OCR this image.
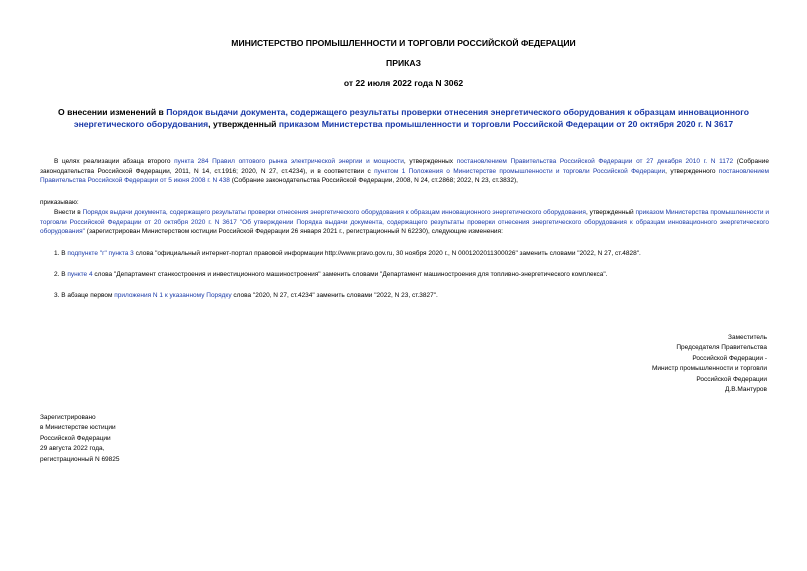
МИНИСТЕРСТВО ПРОМЫШЛЕННОСТИ И ТОРГОВЛИ РОССИЙСКОЙ ФЕДЕРАЦИИ
ПРИКАЗ
от 22 июля 2022 года N 3062
О внесении изменений в Порядок выдачи документа, содержащего результаты проверки отнесения энергетического оборудования к образцам инновационного энергетического оборудования, утвержденный приказом Министерства промышленности и торговли Российской Федерации от 20 октября 2020 г. N 3617
В целях реализации абзаца второго пункта 284 Правил оптового рынка электрической энергии и мощности, утвержденных постановлением Правительства Российской Федерации от 27 декабря 2010 г. N 1172 (Собрание законодательства Российской Федерации, 2011, N 14, ст.1916; 2020, N 27, ст.4234), и в соответствии с пунктом 1 Положения о Министерстве промышленности и торговли Российской Федерации, утвержденного постановлением Правительства Российской Федерации от 5 июня 2008 г. N 438 (Собрание законодательства Российской Федерации, 2008, N 24, ст.2868; 2022, N 23, ст.3832),
приказываю:
Внести в Порядок выдачи документа, содержащего результаты проверки отнесения энергетического оборудования к образцам инновационного энергетического оборудования, утвержденный приказом Министерства промышленности и торговли Российской Федерации от 20 октября 2020 г. N 3617 "Об утверждении Порядка выдачи документа, содержащего результаты проверки отнесения энергетического оборудования к образцам инновационного энергетического оборудования" (зарегистрирован Министерством юстиции Российской Федерации 26 января 2021 г., регистрационный N 62230), следующие изменения:
1. В подпункте "г" пункта 3 слова "официальный интернет-портал правовой информации http://www.pravo.gov.ru, 30 ноября 2020 г., N 0001202011300026" заменить словами "2022, N 27, ст.4828".
2. В пункте 4 слова "Департамент станкостроения и инвестиционного машиностроения" заменить словами "Департамент машиностроения для топливно-энергетического комплекса".
3. В абзаце первом приложения N 1 к указанному Порядку слова "2020, N 27, ст.4234" заменить словами "2022, N 23, ст.3827".
Заместитель
Председателя Правительства
Российской Федерации -
Министр промышленности и торговли
Российской Федерации
Д.В.Мантуров
Зарегистрировано
в Министерстве юстиции
Российской Федерации
29 августа 2022 года,
регистрационный N 69825
